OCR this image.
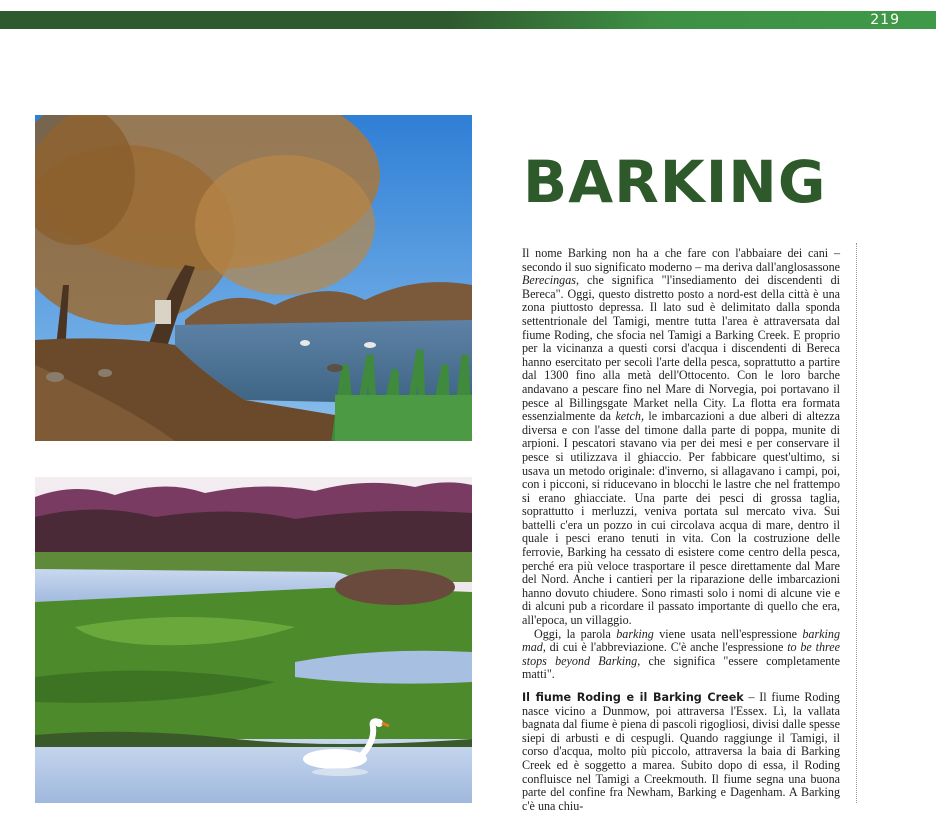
219
BARKING

Il nome Barking non ha a che fare con l'abbaiare dei cani – secondo il suo significato moderno – ma deriva dall'anglosassone Berecingas, che significa "l'insediamento dei discendenti di Bereca". Oggi, questo distretto posto a nord-est della città è una zona piuttosto depressa. Il lato sud è delimitato dalla sponda settentrionale del Tamigi, mentre tutta l'area è attraversata dal fiume Roding, che sfocia nel Tamigi a Barking Creek. E proprio per la vicinanza a questi corsi d'acqua i discendenti di Bereca hanno esercitato per secoli l'arte della pesca, soprattutto a partire dal 1300 fino alla metà dell'Ottocento. Con le loro barche andavano a pescare fino nel Mare di Norvegia, poi portavano il pesce al Billingsgate Market nella City. La flotta era formata essenzialmente da ketch, le imbarcazioni a due alberi di altezza diversa e con l'asse del timone dalla parte di poppa, munite di arpioni. I pescatori stavano via per dei mesi e per conservare il pesce si utilizzava il ghiaccio. Per fabbicare quest'ultimo, si usava un metodo originale: d'inverno, si allagavano i campi, poi, con i picconi, si riducevano in blocchi le lastre che nel frattempo si erano ghiacciate. Una parte dei pesci di grossa taglia, soprattutto i merluzzi, veniva portata sul mercato viva. Sui battelli c'era un pozzo in cui circolava acqua di mare, dentro il quale i pesci erano tenuti in vita. Con la costruzione delle ferrovie, Barking ha cessato di esistere come centro della pesca, perché era più veloce trasportare il pesce direttamente dal Mare del Nord. Anche i cantieri per la riparazione delle imbarcazioni hanno dovuto chiudere. Sono rimasti solo i nomi di alcune vie e di alcuni pub a ricordare il passato importante di quello che era, all'epoca, un villaggio.

Oggi, la parola barking viene usata nell'espressione barking mad, di cui è l'abbreviazione. C'è anche l'espressione to be three stops beyond Barking, che significa "essere completamente matti".

Il fiume Roding e il Barking Creek – Il fiume Roding nasce vicino a Dunmow, poi attraversa l'Essex. Lì, la vallata bagnata dal fiume è piena di pascoli rigogliosi, divisi dalle spesse siepi di arbusti e di cespugli. Quando raggiunge il Tamigi, il corso d'acqua, molto più piccolo, attraversa la baia di Barking Creek ed è soggetto a marea. Subito dopo di essa, il Roding confluisce nel Tamigi a Creekmouth. Il fiume segna una buona parte del confine fra Newham, Barking e Dagenham. A Barking c'è una chiu-
